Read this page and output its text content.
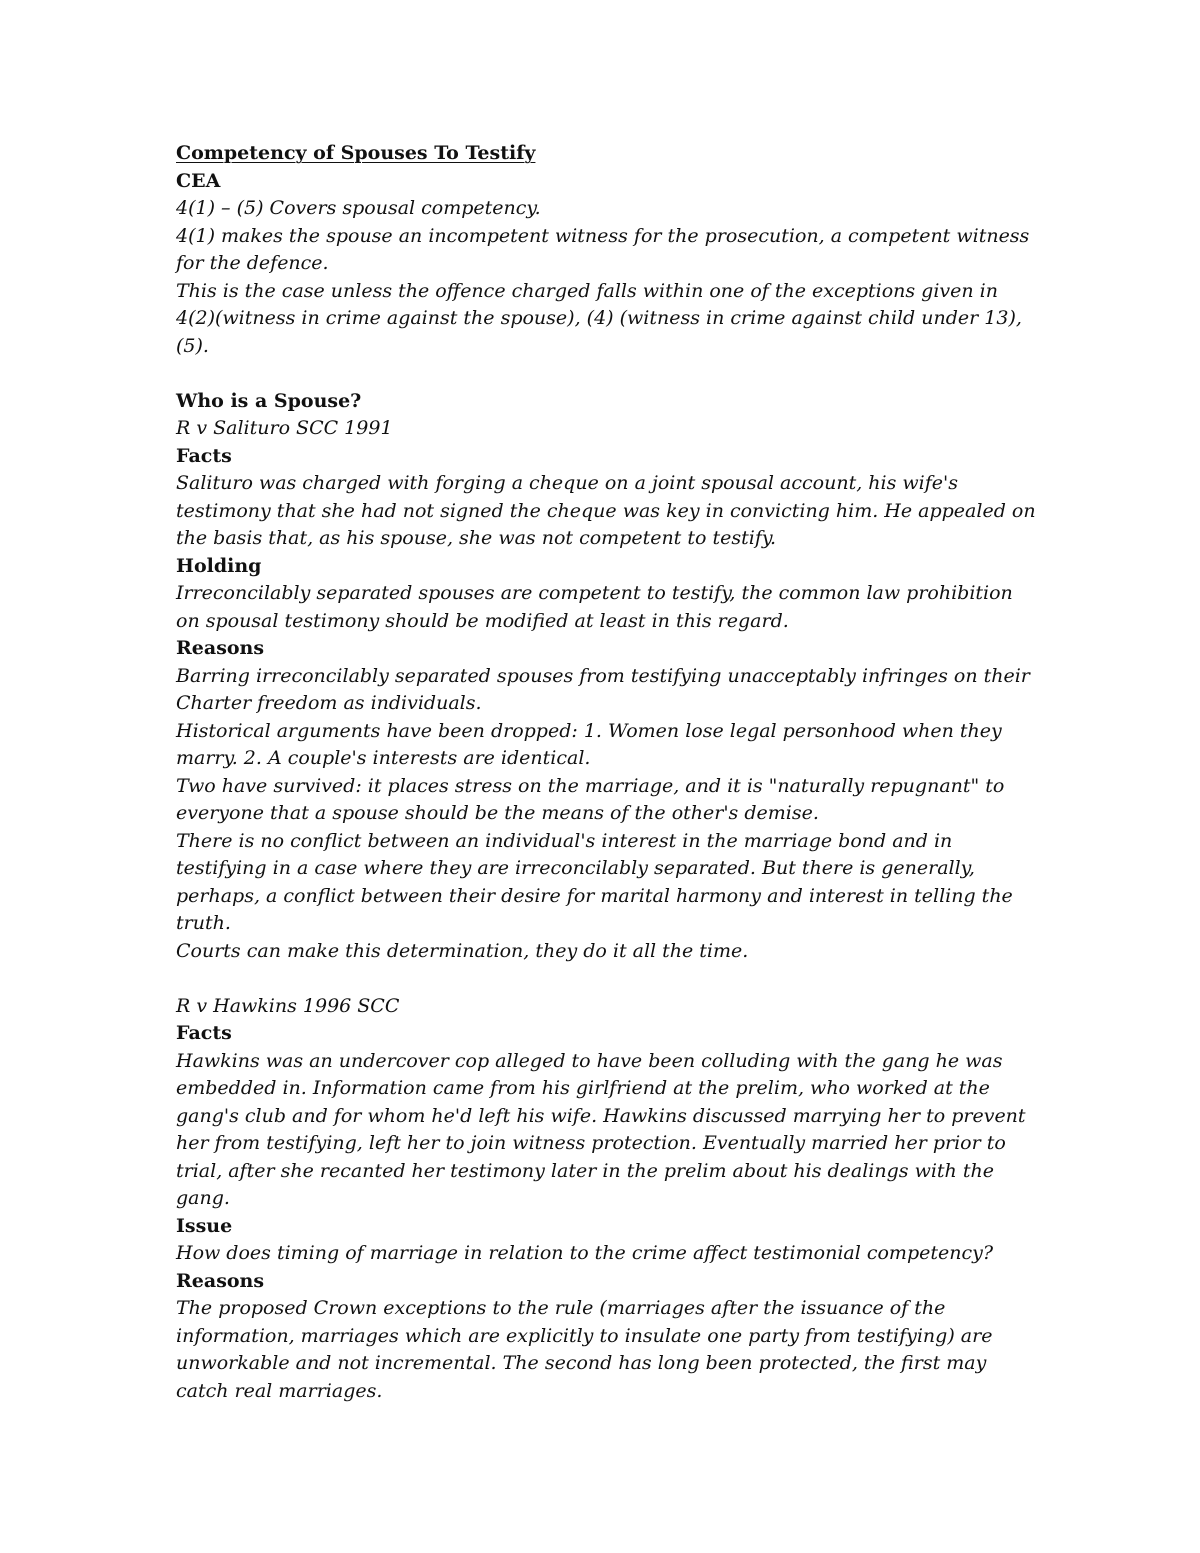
Competency of Spouses To Testify

CEA

4(1) – (5) Covers spousal competency.

4(1) makes the spouse an incompetent witness for the prosecution, a competent witness for the defence.

This is the case unless the offence charged falls within one of the exceptions given in 4(2)(witness in crime against the spouse), (4) (witness in crime against child under 13), (5).

Who is a Spouse?

R v Salituro SCC 1991

Facts

Salituro was charged with forging a cheque on a joint spousal account, his wife's testimony that she had not signed the cheque was key in convicting him. He appealed on the basis that, as his spouse, she was not competent to testify.

Holding

Irreconcilably separated spouses are competent to testify, the common law prohibition on spousal testimony should be modified at least in this regard.

Reasons

Barring irreconcilably separated spouses from testifying unacceptably infringes on their Charter freedom as individuals.

Historical arguments have been dropped: 1. Women lose legal personhood when they marry. 2. A couple's interests are identical.

Two have survived: it places stress on the marriage, and it is "naturally repugnant" to everyone that a spouse should be the means of the other's demise.

There is no conflict between an individual's interest in the marriage bond and in testifying in a case where they are irreconcilably separated. But there is generally, perhaps, a conflict between their desire for marital harmony and interest in telling the truth.

Courts can make this determination, they do it all the time.

R v Hawkins 1996 SCC

Facts

Hawkins was an undercover cop alleged to have been colluding with the gang he was embedded in. Information came from his girlfriend at the prelim, who worked at the gang's club and for whom he'd left his wife. Hawkins discussed marrying her to prevent her from testifying, left her to join witness protection. Eventually married her prior to trial, after she recanted her testimony later in the prelim about his dealings with the gang.

Issue

How does timing of marriage in relation to the crime affect testimonial competency?

Reasons

The proposed Crown exceptions to the rule (marriages after the issuance of the information, marriages which are explicitly to insulate one party from testifying) are unworkable and not incremental. The second has long been protected, the first may catch real marriages.
